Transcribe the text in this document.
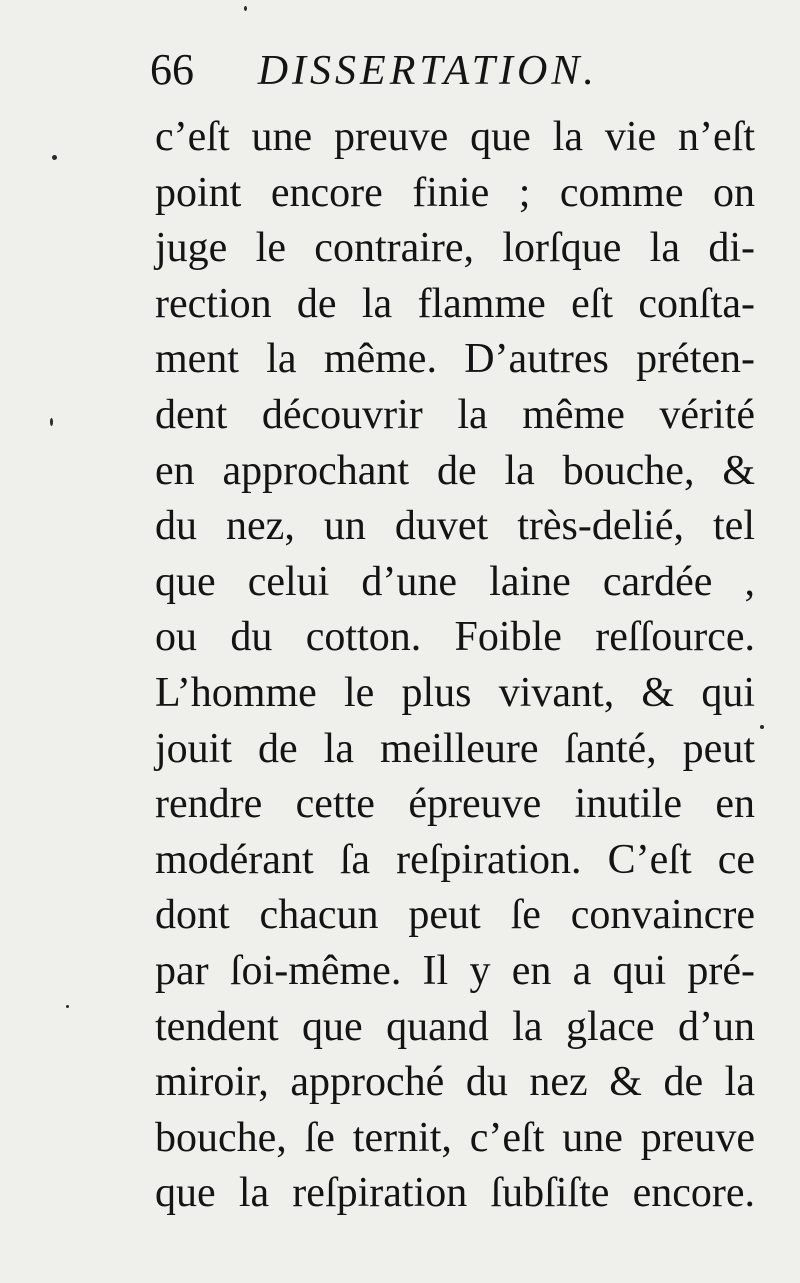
66 DISSERTATION.
c’eſt une preuve que la vie n’eſt
point encore finie ; comme on
juge le contraire, lorſque la di-
rection de la flamme eſt conſta-
ment la même. D’autres préten-
dent découvrir la même vérité
en approchant de la bouche, &
du nez, un duvet très-delié, tel
que celui d’une laine cardée ,
ou du cotton. Foible reſſource.
L’homme le plus vivant, & qui
jouit de la meilleure ſanté, peut
rendre cette épreuve inutile en
modérant ſa reſpiration. C’eſt ce
dont chacun peut ſe convaincre
par ſoi-même. Il y en a qui pré-
tendent que quand la glace d’un
miroir, approché du nez & de la
bouche, ſe ternit, c’eſt une preuve
que la reſpiration ſubſiſte encore.
